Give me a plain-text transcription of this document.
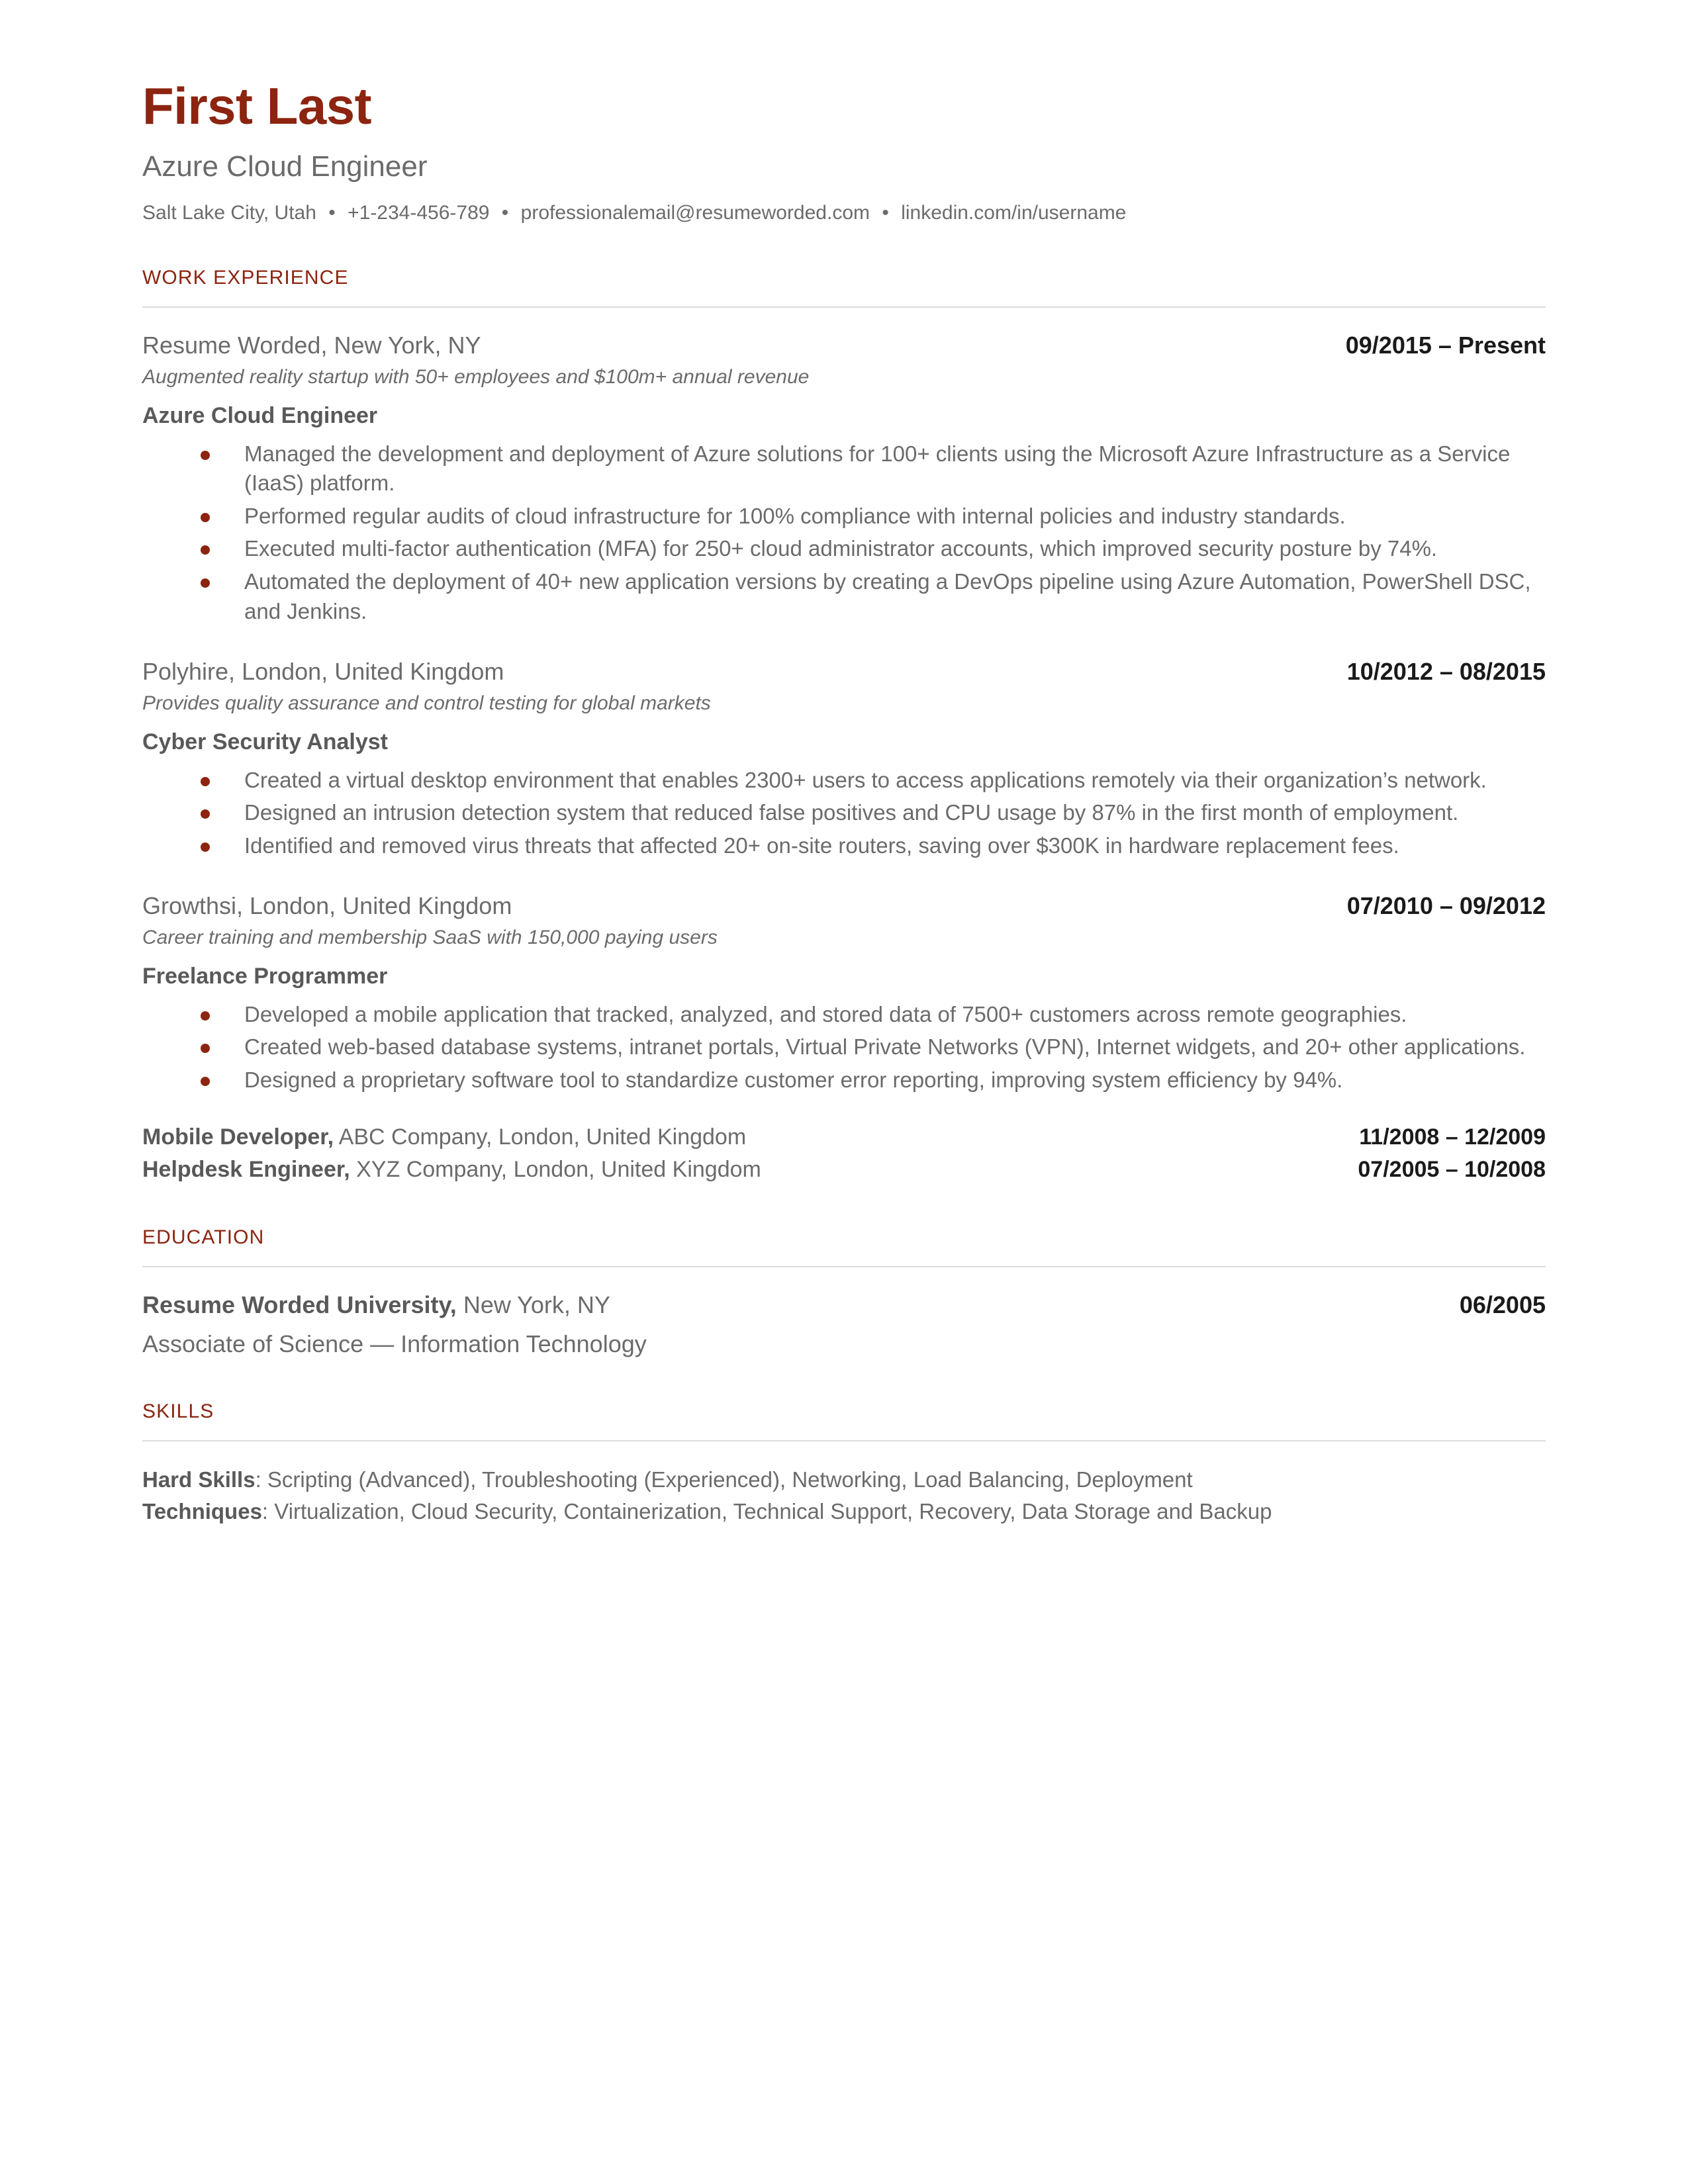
First Last
Azure Cloud Engineer
Salt Lake City, Utah • +1-234-456-789 • professionalemail@resumeworded.com • linkedin.com/in/username
WORK EXPERIENCE
Resume Worded, New York, NY	09/2015 – Present
Augmented reality startup with 50+ employees and $100m+ annual revenue
Azure Cloud Engineer
Managed the development and deployment of Azure solutions for 100+ clients using the Microsoft Azure Infrastructure as a Service (IaaS) platform.
Performed regular audits of cloud infrastructure for 100% compliance with internal policies and industry standards.
Executed multi-factor authentication (MFA) for 250+ cloud administrator accounts, which improved security posture by 74%.
Automated the deployment of 40+ new application versions by creating a DevOps pipeline using Azure Automation, PowerShell DSC, and Jenkins.
Polyhire, London, United Kingdom	10/2012 – 08/2015
Provides quality assurance and control testing for global markets
Cyber Security Analyst
Created a virtual desktop environment that enables 2300+ users to access applications remotely via their organization’s network.
Designed an intrusion detection system that reduced false positives and CPU usage by 87% in the first month of employment.
Identified and removed virus threats that affected 20+ on-site routers, saving over $300K in hardware replacement fees.
Growthsi, London, United Kingdom	07/2010 – 09/2012
Career training and membership SaaS with 150,000 paying users
Freelance Programmer
Developed a mobile application that tracked, analyzed, and stored data of 7500+ customers across remote geographies.
Created web-based database systems, intranet portals, Virtual Private Networks (VPN), Internet widgets, and 20+ other applications.
Designed a proprietary software tool to standardize customer error reporting, improving system efficiency by 94%.
Mobile Developer, ABC Company, London, United Kingdom	11/2008 – 12/2009
Helpdesk Engineer, XYZ Company, London, United Kingdom	07/2005 – 10/2008
EDUCATION
Resume Worded University, New York, NY	06/2005
Associate of Science — Information Technology
SKILLS
Hard Skills: Scripting (Advanced), Troubleshooting (Experienced), Networking, Load Balancing, Deployment
Techniques: Virtualization, Cloud Security, Containerization, Technical Support, Recovery, Data Storage and Backup
